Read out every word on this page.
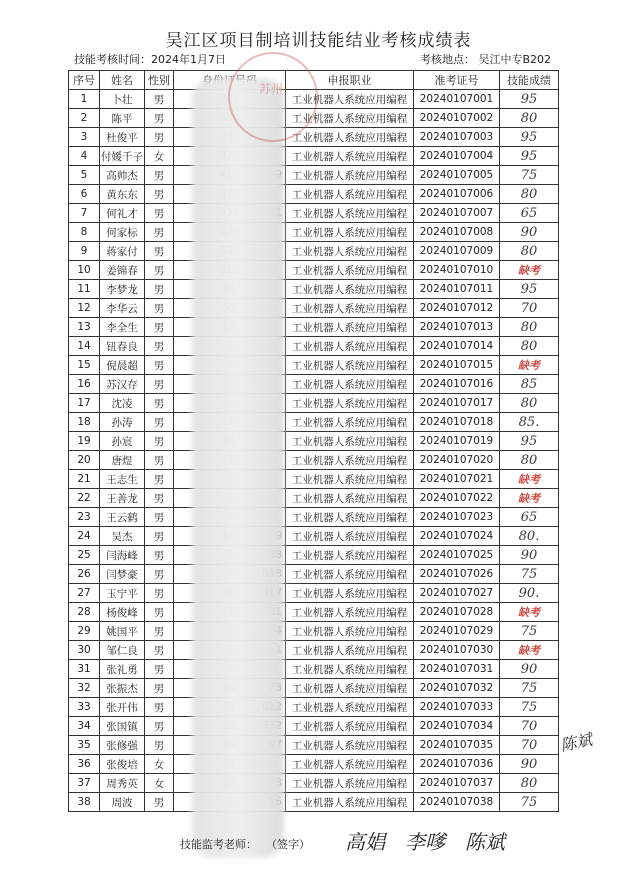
吴江区项目制培训技能结业考核成绩表
技能考核时间：2024年1月7日	考核地点： 吴江中专B202
序号	姓名	性别		申报职业	准考证号	技能成绩
1	卜壮	男		工业机器人系统应用编程	20240107001	95
2	陈平	男		工业机器人系统应用编程	20240107002	80
3	杜俊平	男		工业机器人系统应用编程	20240107003	95
4	付媛千子	女		工业机器人系统应用编程	20240107004	95
5	高帅杰	男		工业机器人系统应用编程	20240107005	75
6	黄东东	男		工业机器人系统应用编程	20240107006	80
7	何礼才	男		工业机器人系统应用编程	20240107007	65
8	何家标	男		工业机器人系统应用编程	20240107008	90
9	蒋家付	男		工业机器人系统应用编程	20240107009	80
10	姜锦春	男		工业机器人系统应用编程	20240107010	缺考
11	李梦龙	男		工业机器人系统应用编程	20240107011	95
12	李华云	男		工业机器人系统应用编程	20240107012	70
13	李全生	男		工业机器人系统应用编程	20240107013	80
14	钮春良	男		工业机器人系统应用编程	20240107014	80
15	倪晨超	男		工业机器人系统应用编程	20240107015	缺考
16	苏汉存	男		工业机器人系统应用编程	20240107016	85
17	沈凌	男		工业机器人系统应用编程	20240107017	80
18	孙涛	男		工业机器人系统应用编程	20240107018	85.
19	孙宸	男		工业机器人系统应用编程	20240107019	95
20	唐煜	男		工业机器人系统应用编程	20240107020	80
21	王志生	男		工业机器人系统应用编程	20240107021	缺考
22	王善龙	男		工业机器人系统应用编程	20240107022	缺考
23	王云鹤	男		工业机器人系统应用编程	20240107023	65
24	吴杰	男		工业机器人系统应用编程	20240107024	80.
25	闫海峰	男		工业机器人系统应用编程	20240107025	90
26	闫梦豪	男		工业机器人系统应用编程	20240107026	75
27	玉宁平	男		工业机器人系统应用编程	20240107027	90.
28	杨俊峰	男		工业机器人系统应用编程	20240107028	缺考
29	姚国平	男		工业机器人系统应用编程	20240107029	75
30	邹仁良	男		工业机器人系统应用编程	20240107030	缺考
31	张礼勇	男		工业机器人系统应用编程	20240107031	90
32	张振杰	男		工业机器人系统应用编程	20240107032	75
33	张开伟	男		工业机器人系统应用编程	20240107033	75
34	张国镇	男		工业机器人系统应用编程	20240107034	70
35	张修强	男		工业机器人系统应用编程	20240107035	70
36	张俊培	女		工业机器人系统应用编程	20240107036	90
37	周秀英	女		工业机器人系统应用编程	20240107037	80
38	周波	男		工业机器人系统应用编程	20240107038	75
苏州
技能监考老师： （签字） 高娼 李嗲 陈斌
陈斌
